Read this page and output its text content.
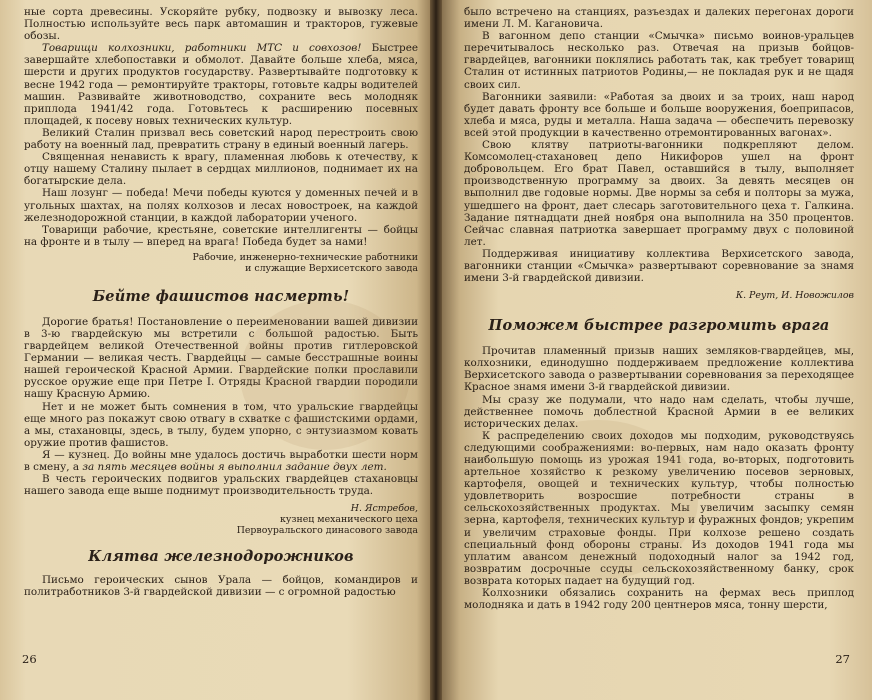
ные сорта древесины. Ускоряйте рубку, подвозку и вывозку леса. Полностью используйте весь парк автомашин и тракторов, гужевые обозы.

Товарищи колхозники, работники МТС и совхозов! Быстрее завершайте хлебопоставки и обмолот. Давайте больше хлеба, мяса, шерсти и других продуктов государству. Развертывайте подготовку к весне 1942 года — ремонтируйте тракторы, готовьте кадры водителей машин. Развивайте животноводство, сохраните весь молодняк приплода 1941/42 года. Готовьтесь к расширению посевных площадей, к посеву новых технических культур.

Великий Сталин призвал весь советский народ перестроить свою работу на военный лад, превратить страну в единый военный лагерь.

Священная ненависть к врагу, пламенная любовь к отечеству, к отцу нашему Сталину пылает в сердцах миллионов, поднимает их на богатырские дела.

Наш лозунг — победа! Мечи победы куются у доменных печей и в угольных шахтах, на полях колхозов и лесах новостроек, на каждой железнодорожной станции, в каждой лаборатории ученого.

Товарищи рабочие, крестьяне, советские интеллигенты — бойцы на фронте и в тылу — вперед на врага! Победа будет за нами!

Рабочие, инженерно-технические работники
и служащие Верхисетского завода
Бейте фашистов насмерть!

Дорогие братья! Постановление о переименовании вашей дивизии в 3-ю гвардейскую мы встретили с большой радостью. Быть гвардейцем великой Отечественной войны против гитлеровской Германии — великая честь. Гвардейцы — самые бесстрашные воины нашей героической Красной Армии. Гвардейские полки прославили русское оружие еще при Петре I. Отряды Красной гвардии породили нашу Красную Армию.

Нет и не может быть сомнения в том, что уральские гвардейцы еще много раз покажут свою отвагу в схватке с фашистскими ордами, а мы, стахановцы, здесь, в тылу, будем упорно, с энтузиазмом ковать оружие против фашистов.

Я — кузнец. До войны мне удалось достичь выработки шести норм в смену, а за пять месяцев войны я выполнил задание двух лет.

В честь героических подвигов уральских гвардейцев стахановцы нашего завода еще выше поднимут производительность труда.

Н. Ястребов,
кузнец механического цеха
Первоуральского динасового завода
Клятва железнодорожников

Письмо героических сынов Урала — бойцов, командиров и политработников 3-й гвардейской дивизии — с огромной радостью

26

было встречено на станциях, разъездах и далеких перегонах дороги имени Л. М. Кагановича.

В вагонном депо станции «Смычка» письмо воинов-уральцев перечитывалось несколько раз. Отвечая на призыв бойцов-гвардейцев, вагонники поклялись работать так, как требует товарищ Сталин от истинных патриотов Родины,— не покладая рук и не щадя своих сил.

Вагонники заявили: «Работая за двоих и за троих, наш народ будет давать фронту все больше и больше вооружения, боеприпасов, хлеба и мяса, руды и металла. Наша задача — обеспечить перевозку всей этой продукции в качественно отремонтированных вагонах».

Свою клятву патриоты-вагонники подкрепляют делом. Комсомолец-стахановец депо Никифоров ушел на фронт добровольцем. Его брат Павел, оставшийся в тылу, выполняет производственную программу за двоих. За девять месяцев он выполнил две годовые нормы. Две нормы за себя и полторы за мужа, ушедшего на фронт, дает слесарь заготовительного цеха т. Галкина. Задание пятнадцати дней ноября она выполнила на 350 процентов. Сейчас славная патриотка завершает программу двух с половиной лет.

Поддерживая инициативу коллектива Верхисетского завода, вагонники станции «Смычка» развертывают соревнование за знамя имени 3-й гвардейской дивизии.

К. Реут, И. Новожилов
Поможем быстрее разгромить врага

Прочитав пламенный призыв наших земляков-гвардейцев, мы, колхозники, единодушно поддерживаем предложение коллектива Верхисетского завода о развертывании соревнования за переходящее Красное знамя имени 3-й гвардейской дивизии.

Мы сразу же подумали, что надо нам сделать, чтобы лучше, действеннее помочь доблестной Красной Армии в ее великих исторических делах.

К распределению своих доходов мы подходим, руководствуясь следующими соображениями: во-первых, нам надо оказать фронту наибольшую помощь из урожая 1941 года, во-вторых, подготовить артельное хозяйство к резкому увеличению посевов зерновых, картофеля, овощей и технических культур, чтобы полностью удовлетворить возросшие потребности страны в сельскохозяйственных продуктах. Мы увеличим засыпку семян зерна, картофеля, технических культур и фуражных фондов; укрепим и увеличим страховые фонды. При колхозе решено создать специальный фонд обороны страны. Из доходов 1941 года мы уплатим авансом денежный подоходный налог за 1942 год, возвратим досрочные ссуды сельскохозяйственному банку, срок возврата которых падает на будущий год.

Колхозники обязались сохранить на фермах весь приплод молодняка и дать в 1942 году 200 центнеров мяса, тонну шерсти,

27
